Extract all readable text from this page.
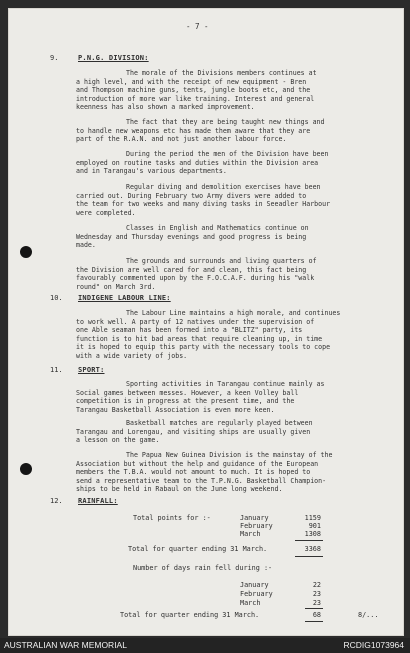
- 7 -
9.	P.N.G. DIVISION:
The morale of the Divisions members continues at
a high level, and with the receipt of new equipment - Bren
and Thompson machine guns, tents, jungle boots etc, and the
introduction of more war like training. Interest and general
keenness has also shown a marked improvement.
The fact that they are being taught new things and
to handle new weapons etc has made them aware that they are
part of the R.A.N. and not just another labour force.
During the period the men of the Division have been
employed on routine tasks and duties within the Division area
and in Tarangau's various departments.
Regular diving and demolition exercises have been
carried out. During February two Army divers were added to
the team for two weeks and many diving tasks in Seeadler Harbour
were completed.
Classes in English and Mathematics continue on
Wednesday and Thursday evenings and good progress is being
made.
The grounds and surrounds and living quarters of
the Division are well cared for and clean, this fact being
favourably commented upon by the F.O.C.A.F. during his "walk
round" on March 3rd.
10. INDIGENE LABOUR LINE:
The Labour Line maintains a high morale, and continues
to work well. A party of 12 natives under the supervision of
one Able seaman has been formed into a "BLITZ" party, its
function is to hit bad areas that require cleaning up, in time
it is hoped to equip this party with the necessary tools to cope
with a wide variety of jobs.
11. SPORT:
Sporting activities in Tarangau continue mainly as
Social games between messes. However, a keen Volley ball
competition is in progress at the present time, and the
Tarangau Basketball Association is even more keen.
Basketball matches are regularly played between
Tarangau and Lorengau, and visiting ships are usually given
a lesson on the game.
The Papua New Guinea Division is the mainstay of the
Association but without the help and guidance of the European
members the T.B.A. would not amount to much. It is hoped to
send a representative team to the T.P.N.G. Basketball Champion-
ships to be held in Rabaul on the June long weekend.
12. RAINFALL:
Total points for :-	January	1159
February	901
March	1308
Total for quarter ending 31 March.	3368
Number of days rain fell during :-
January	22
February	23
March	23
Total for quarter ending 31 March.	68	8/...
AUSTRALIAN WAR MEMORIAL	RCDIG1073964
